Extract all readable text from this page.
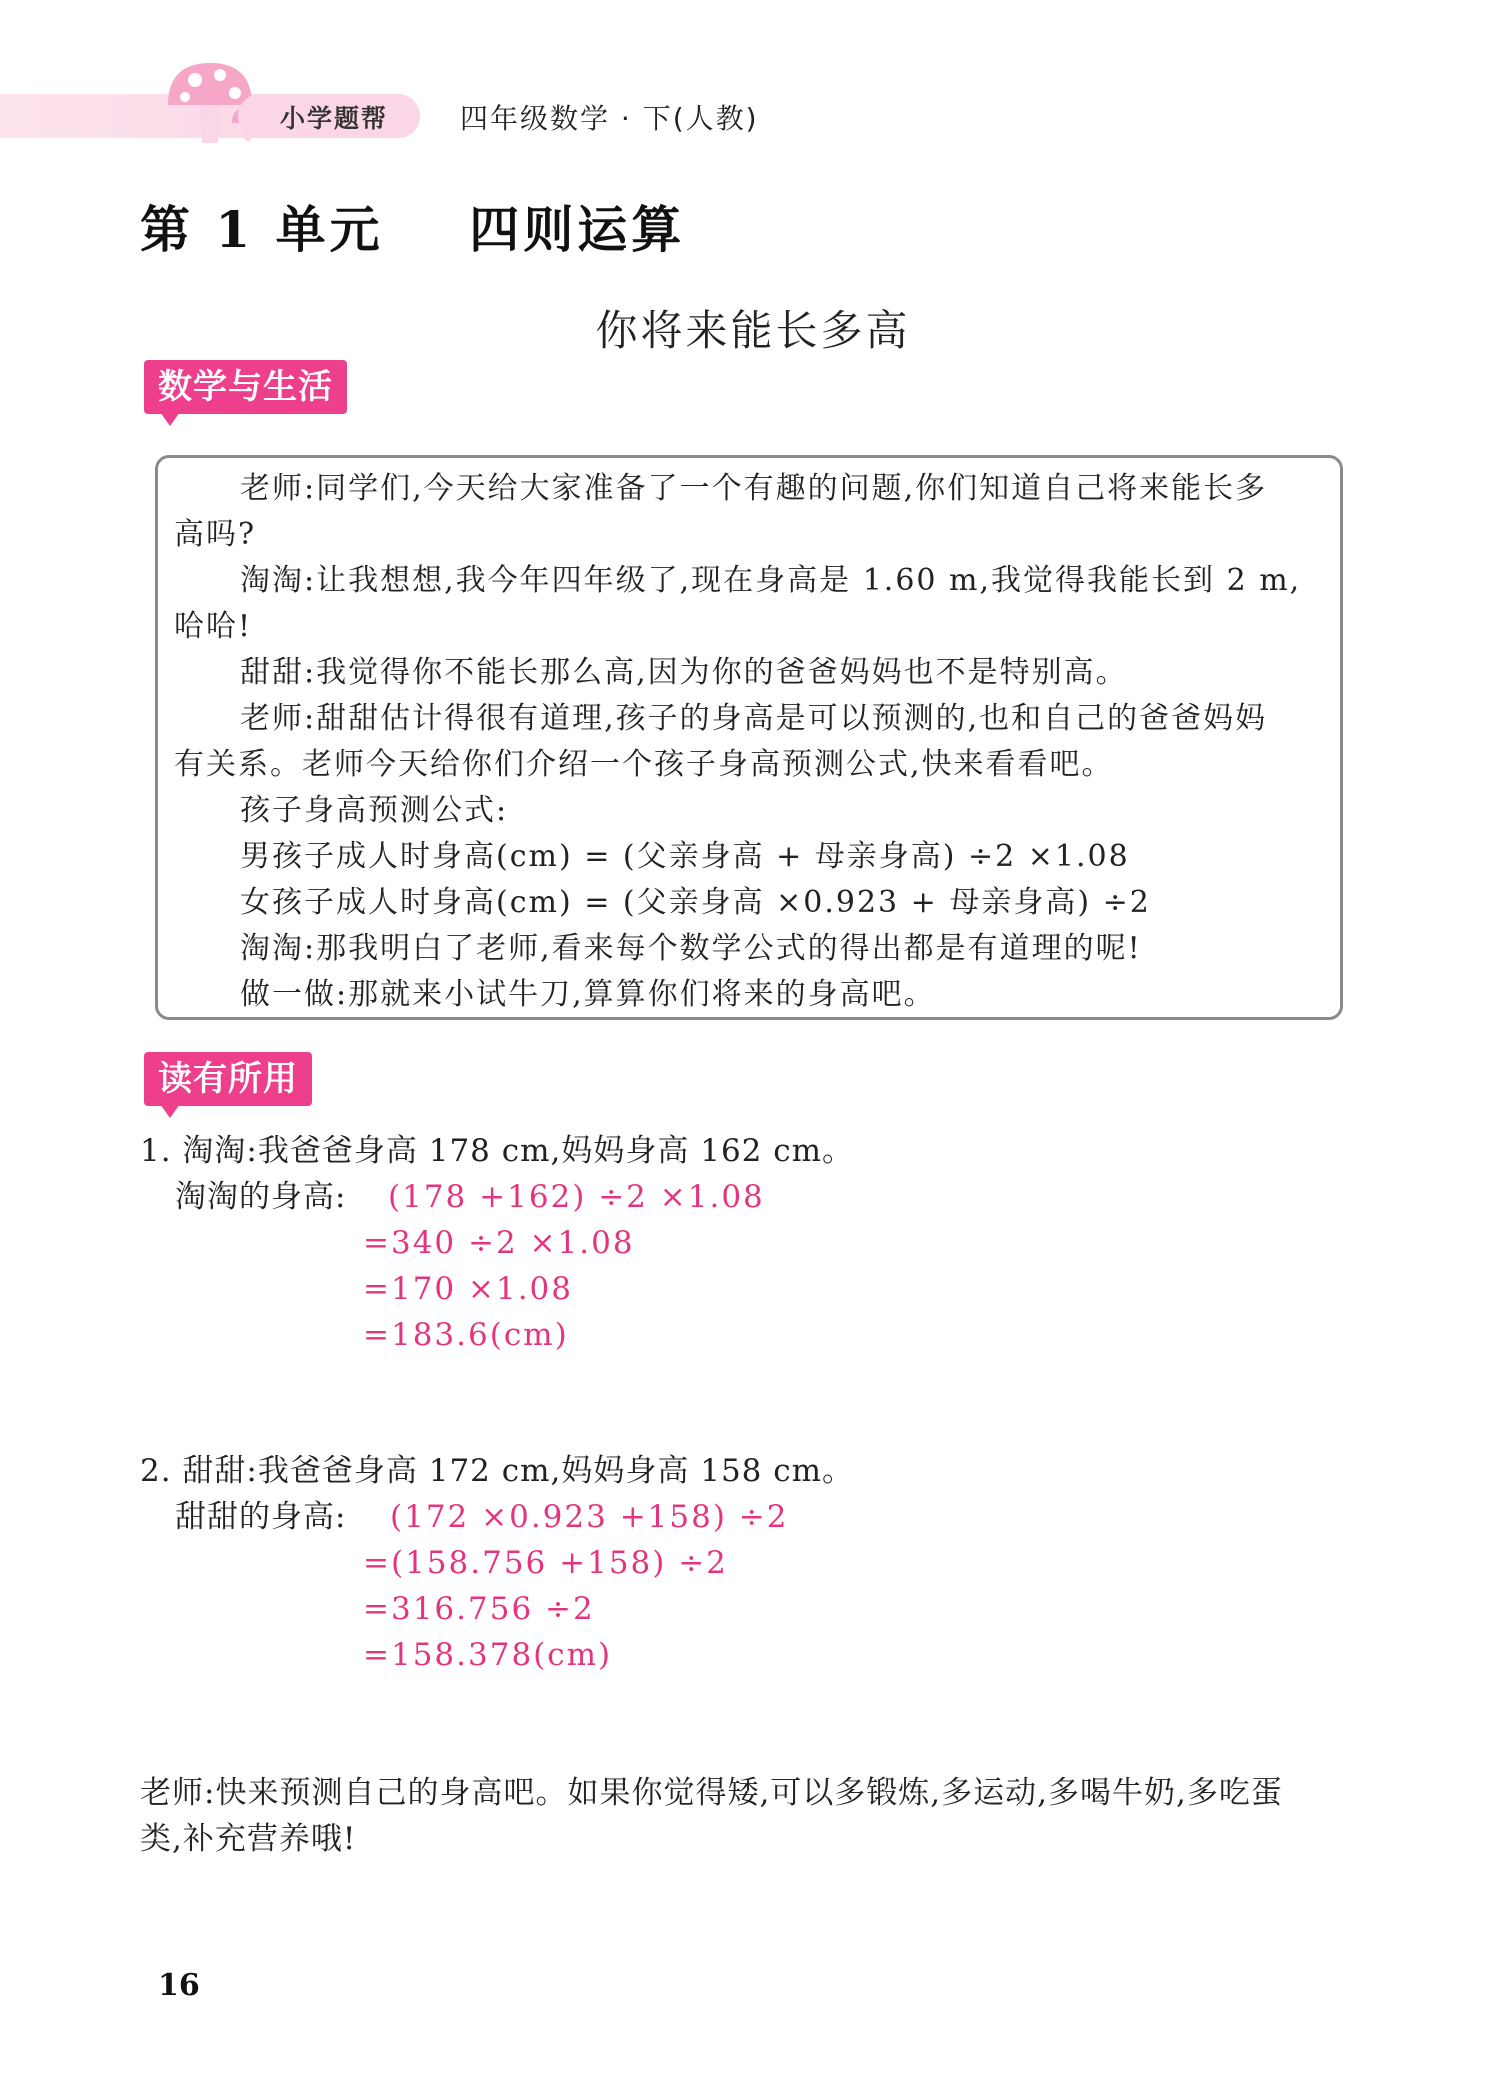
小学题帮	四年级数学 · 下(人教)
第 1 单元    四则运算
你将来能长多高
数学与生活
老师:同学们,今天给大家准备了一个有趣的问题,你们知道自己将来能长多
高吗?
淘淘:让我想想,我今年四年级了,现在身高是 1.60 m,我觉得我能长到 2 m,
哈哈!
甜甜:我觉得你不能长那么高,因为你的爸爸妈妈也不是特别高。
老师:甜甜估计得很有道理,孩子的身高是可以预测的,也和自己的爸爸妈妈
有关系。老师今天给你们介绍一个孩子身高预测公式,快来看看吧。
孩子身高预测公式:
男孩子成人时身高(cm) = (父亲身高 + 母亲身高) ÷2 ×1.08
女孩子成人时身高(cm) = (父亲身高 ×0.923 + 母亲身高) ÷2
淘淘:那我明白了老师,看来每个数学公式的得出都是有道理的呢!
做一做:那就来小试牛刀,算算你们将来的身高吧。
读有所用
1. 淘淘:我爸爸身高 178 cm,妈妈身高 162 cm。
淘淘的身高: (178 +162) ÷2 ×1.08
=340 ÷2 ×1.08
=170 ×1.08
=183.6(cm)
2. 甜甜:我爸爸身高 172 cm,妈妈身高 158 cm。
甜甜的身高: (172 ×0.923 +158) ÷2
=(158.756 +158) ÷2
=316.756 ÷2
=158.378(cm)
老师:快来预测自己的身高吧。如果你觉得矮,可以多锻炼,多运动,多喝牛奶,多吃蛋
类,补充营养哦!
16
